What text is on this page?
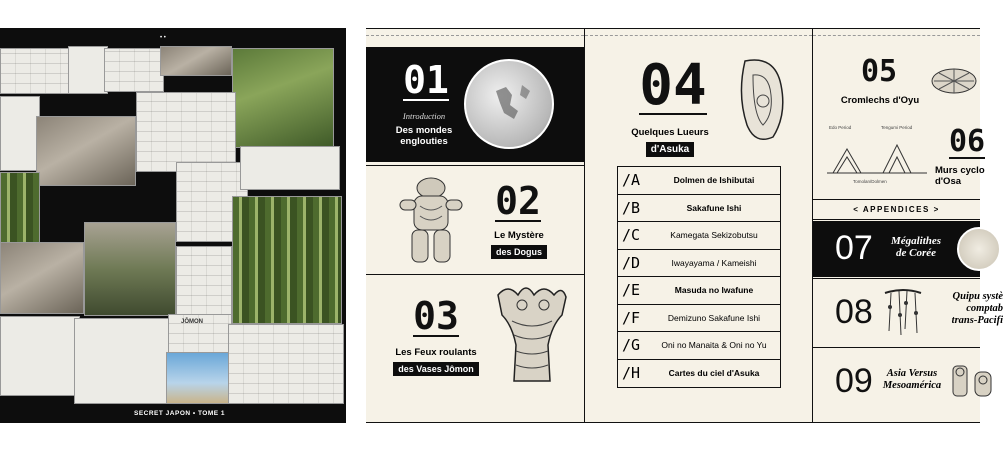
• •
JŌMON
SECRET JAPON • TOME 1
01
Introduction
Des mondes
englouties
02
Le Mystère
des Dogus
03
Les Feux roulants
des Vases Jômon
04
Quelques Lueurs
d'Asuka
/A	Dolmen de Ishibutai
/B	Sakafune Ishi
/C	Kamegata Sekizobutsu
/D	Iwayayama / Kameishi
/E	Masuda no Iwafune
/F	Demizuno Sakafune Ishi
/G	Oni no Manaita & Oni no Yu
/H	Cartes du ciel d'Asuka
05
Cromlechs d'Oyu
Edo Period	Tengumi Period
Tomolan/Dolmen
06
Murs cyclo
d'Osa
< APPENDICES >
07	Mégalithes
de Corée
08	Quipu systè
comptab
trans-Pacifi
09	Asia Versus
Mesoamérica
